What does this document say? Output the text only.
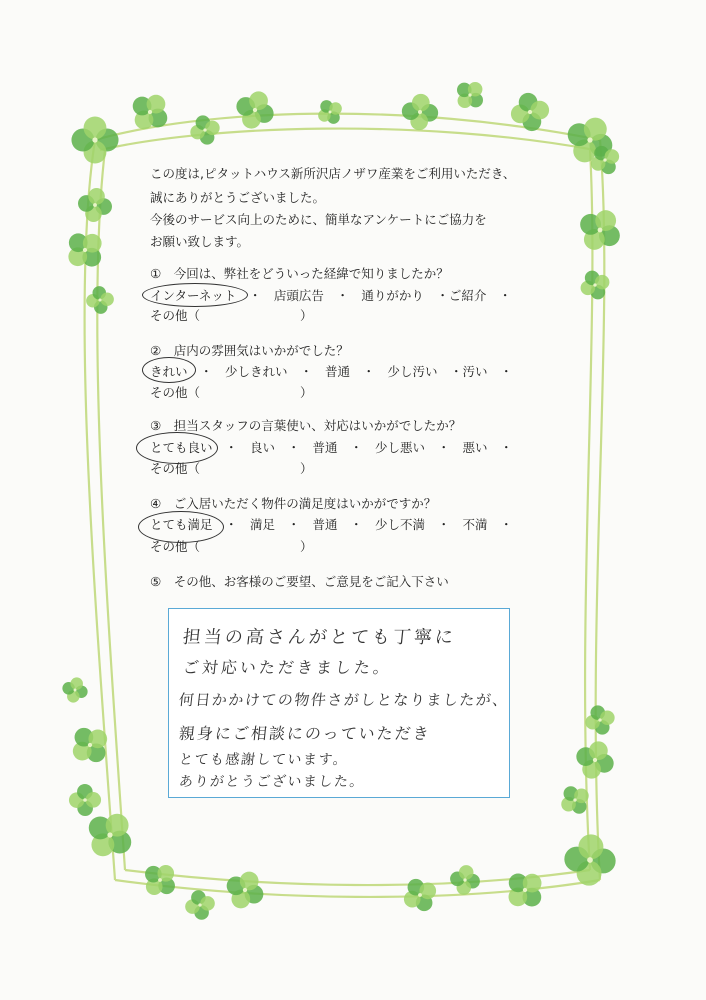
この度は,ピタットハウス新所沢店ノザワ産業をご利用いただき、
誠にありがとうございました。
今後のサービス向上のために、簡単なアンケートにご協力を
お願い致します。
①　今回は、弊社をどういった経緯で知りましたか？
インターネット　・　店頭広告　・　通りがかり　・ご紹介　・
その他（　　　　　　　　）
②　店内の雰囲気はいかがでした？
きれい　・　少しきれい　・　普通　・　少し汚い　・汚い　・
その他（　　　　　　　　）
③　担当スタッフの言葉使い、対応はいかがでしたか？
とても良い　・　良い　・　普通　・　少し悪い　・　悪い　・
その他（　　　　　　　　）
④　ご入居いただく物件の満足度はいかがですか？
とても満足　・　満足　・　普通　・　少し不満　・　不満　・
その他（　　　　　　　　）
⑤　その他、お客様のご要望、ご意見をご記入下さい
担当の高さんがとても丁寧に
ご対応いただきました。
何日かかけての物件さがしとなりましたが、
親身にご相談にのっていただき
とても感謝しています。
ありがとうございました。
